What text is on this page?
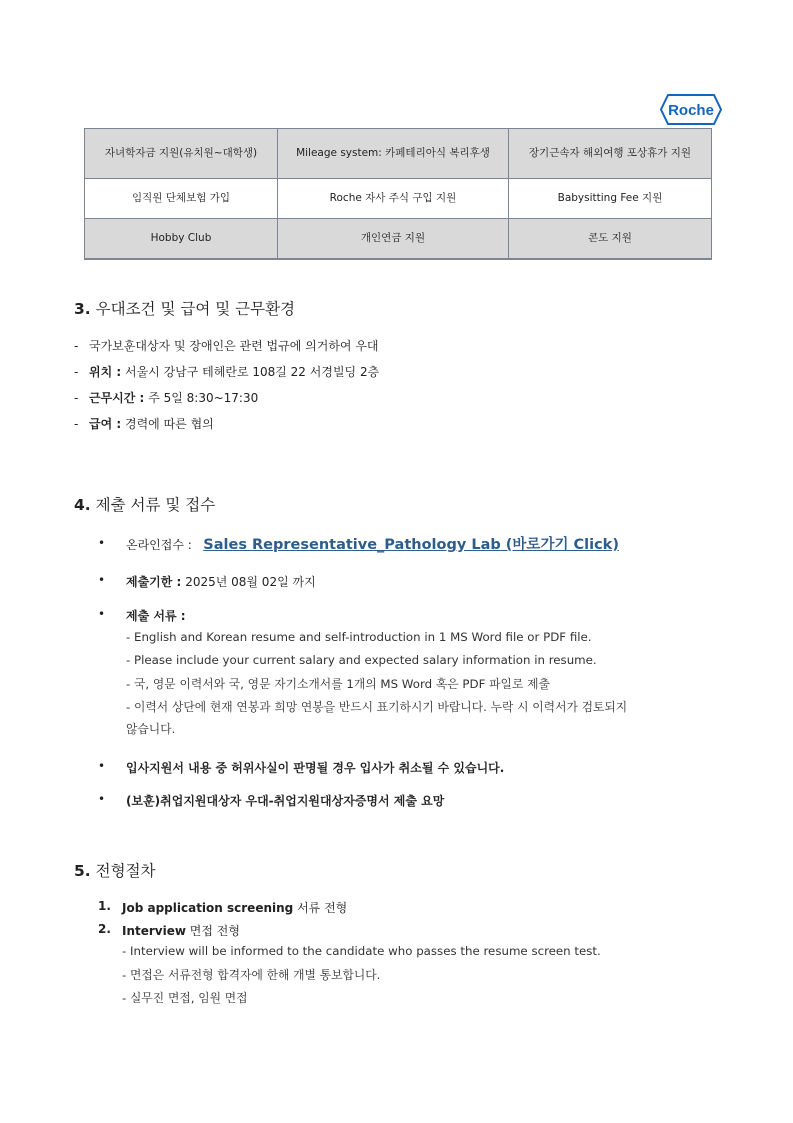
Roche
자녀학자금 지원(유치원~대학생)	Mileage system: 카페테리아식 복리후생	장기근속자 해외여행 포상휴가 지원
임직원 단체보험 가입	Roche 자사 주식 구입 지원	Babysitting Fee 지원
Hobby Club	개인연금 지원	콘도 지원
3. 우대조건 및 급여 및 근무환경
- 국가보훈대상자 및 장애인은 관련 법규에 의거하여 우대
- 위치 : 서울시 강남구 테헤란로 108길 22 서경빌딩 2층
- 근무시간 : 주 5일 8:30~17:30
- 급여 : 경력에 따른 협의
4. 제출 서류 및 접수
• 온라인접수 : Sales Representative_Pathology Lab (바로가기 Click)
• 제출기한 : 2025년 08월 02일 까지
• 제출 서류 :
- English and Korean resume and self-introduction in 1 MS Word file or PDF file.
- Please include your current salary and expected salary information in resume.
- 국, 영문 이력서와 국, 영문 자기소개서를 1개의 MS Word 혹은 PDF 파일로 제출
- 이력서 상단에 현재 연봉과 희망 연봉을 반드시 표기하시기 바랍니다. 누락 시 이력서가 검토되지
않습니다.
• 입사지원서 내용 중 허위사실이 판명될 경우 입사가 취소될 수 있습니다.
• (보훈)취업지원대상자 우대-취업지원대상자증명서 제출 요망
5. 전형절차
1. Job application screening 서류 전형
2. Interview 면접 전형
- Interview will be informed to the candidate who passes the resume screen test.
- 면접은 서류전형 합격자에 한해 개별 통보합니다.
- 실무진 면접, 임원 면접
